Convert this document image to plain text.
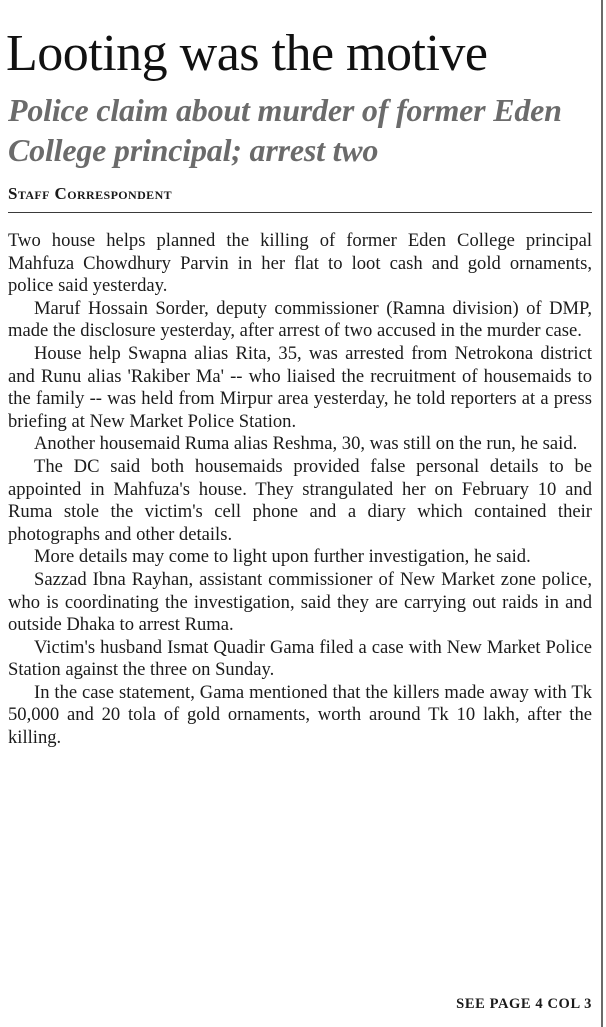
Looting was the motive
Police claim about murder of former Eden College principal; arrest two
Staff Correspondent

Two house helps planned the killing of former Eden College principal Mahfuza Chowdhury Parvin in her flat to loot cash and gold ornaments, police said yesterday.

Maruf Hossain Sorder, deputy commissioner (Ramna division) of DMP, made the disclosure yesterday, after arrest of two accused in the murder case.

House help Swapna alias Rita, 35, was arrested from Netrokona district and Runu alias 'Rakiber Ma' -- who liaised the recruitment of housemaids to the family -- was held from Mirpur area yesterday, he told reporters at a press briefing at New Market Police Station.

Another housemaid Ruma alias Reshma, 30, was still on the run, he said.

The DC said both housemaids provided false personal details to be appointed in Mahfuza's house. They strangulated her on February 10 and Ruma stole the victim's cell phone and a diary which contained their photographs and other details.

More details may come to light upon further investigation, he said.

Sazzad Ibna Rayhan, assistant commissioner of New Market zone police, who is coordinating the investigation, said they are carrying out raids in and outside Dhaka to arrest Ruma.

Victim's husband Ismat Quadir Gama filed a case with New Market Police Station against the three on Sunday.

In the case statement, Gama mentioned that the killers made away with Tk 50,000 and 20 tola of gold ornaments, worth around Tk 10 lakh, after the killing.

SEE PAGE 4 COL 3
